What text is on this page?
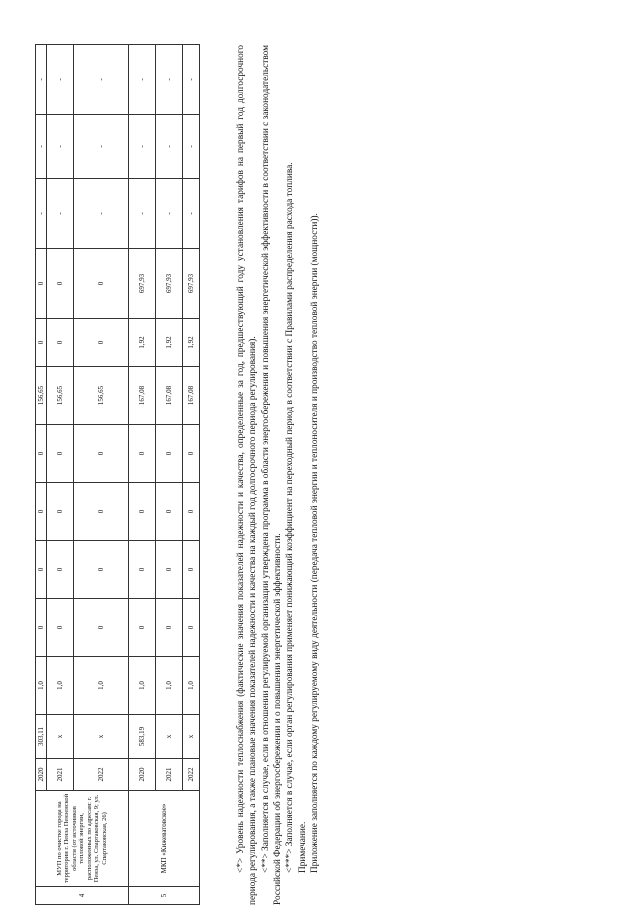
4	МУП по очистке города на территории г. Пенза Пензенской области (от источников тепловой энергии, расположенных по адресам: г. Пенза, ул. Спартаковская, 9; ул. Спартаковская, 26)	2020	303,11	1,0	0	0	0	0	156,65	0	0	-	-	-
		2021	x	1,0	0	0	0	0	156,65	0	0	-	-	-
		2022	x	1,0	0	0	0	0	156,65	0	0	-	-	-
5	МКП «Кижеватовское»	2020	583,19	1,0	0	0	0	0	167,08	1,92	697,93	-	-	-
		2021	x	1,0	0	0	0	0	167,08	1,92	697,93	-	-	-
		2022	x	1,0	0	0	0	0	167,08	1,92	697,93	-	-	-	<*> Уровень надежности теплоснабжения (фактические значения показателей надежности и качества, определенные за год, предшествующий году установления тарифов на первый год долгосрочного периода регулирования, а также плановые значения показателей надежности и качества на каждый год долгосрочного периода регулирования). <**> Заполняется в случае, если в отношении регулируемой организации утверждена программа в области энергосбережения и повышения энергетической эффективности в соответствии с законодательством Российской Федерации об энергосбережении и о повышении энергетической эффективности. <***> Заполняется в случае, если орган регулирования применяет понижающий коэффициент на переходный период в соответствии с Правилами распределения расхода топлива. Примечание. Приложение заполняется по каждому регулируемому виду деятельности (передача тепловой энергии и теплоносителя и производство тепловой энергии (мощности)).
